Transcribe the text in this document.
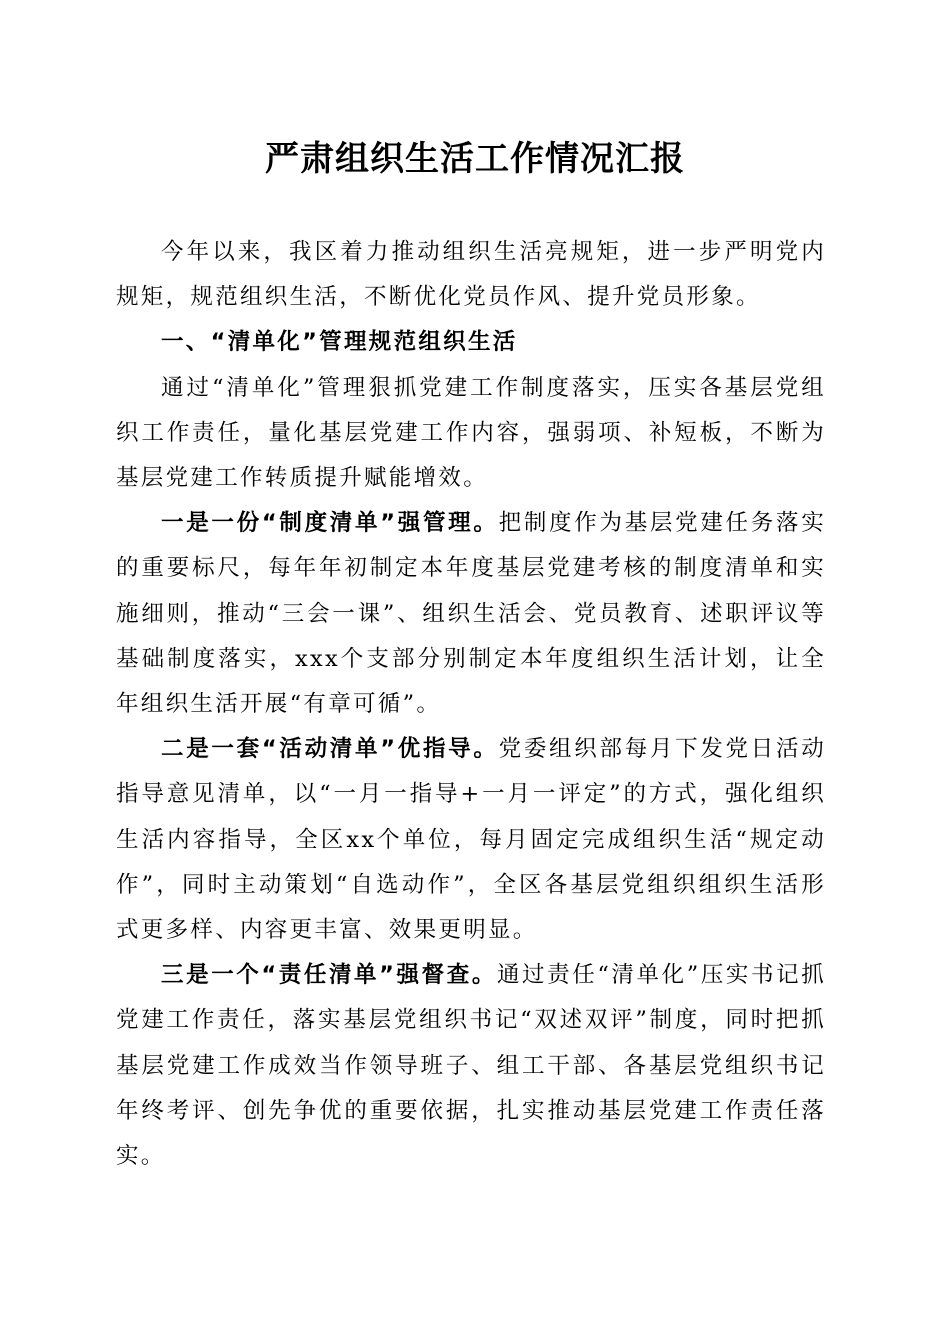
严肃组织生活工作情况汇报

今年以来，我区着力推动组织生活亮规矩，进一步严明党内规矩，规范组织生活，不断优化党员作风、提升党员形象。

一、“清单化”管理规范组织生活

通过“清单化”管理狠抓党建工作制度落实，压实各基层党组织工作责任，量化基层党建工作内容，强弱项、补短板，不断为基层党建工作转质提升赋能增效。

一是一份“制度清单”强管理。把制度作为基层党建任务落实的重要标尺，每年年初制定本年度基层党建考核的制度清单和实施细则，推动“三会一课”、组织生活会、党员教育、述职评议等基础制度落实，xxx个支部分别制定本年度组织生活计划，让全年组织生活开展“有章可循”。

二是一套“活动清单”优指导。党委组织部每月下发党日活动指导意见清单，以“一月一指导+一月一评定”的方式，强化组织生活内容指导，全区xx个单位，每月固定完成组织生活“规定动作”，同时主动策划“自选动作”，全区各基层党组织组织生活形式更多样、内容更丰富、效果更明显。

三是一个“责任清单”强督查。通过责任“清单化”压实书记抓党建工作责任，落实基层党组织书记“双述双评”制度，同时把抓基层党建工作成效当作领导班子、组工干部、各基层党组织书记年终考评、创先争优的重要依据，扎实推动基层党建工作责任落实。
